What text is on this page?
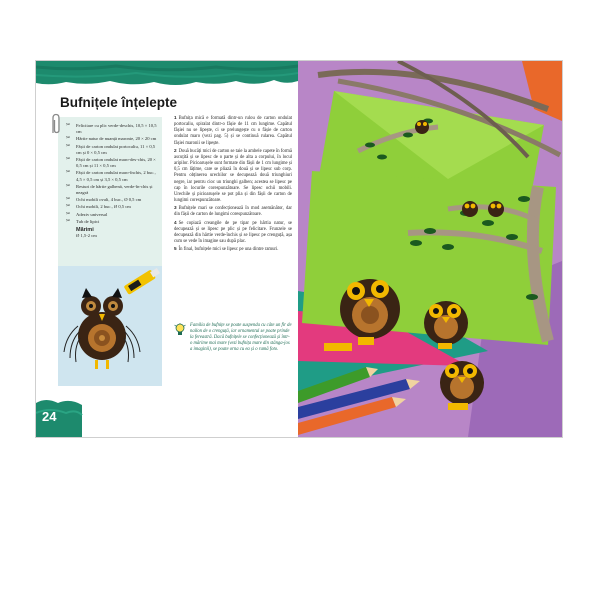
Bufnițele înțelepte
✂ Felicitare cu plic verde-deschis, 10,5 × 10,5 cm
✂ Hârtie natur de nuanță maronie, 20 × 20 cm
✂ Fâșii de carton ondulat portocaliu, 11 × 0,5 cm și 0 × 0,5 cm
✂ Fâșii de carton ondulat maro-des-chis, 20 × 0,5 cm și 11 × 0,5 cm
✂ Fâșii de carton ondulat maro-închis, 2 buc., 4,5 × 0,5 cm și 3,5 × 0,5 cm
✂ Resturi de hârtie galbenă, verde-în-chis și neagră
✂ Ochi mobili ovali, 4 buc., Ø 0,5 cm
✂ Ochi mobili, 2 buc., Ø 0,5 cm
✂ Adeziv universal
✂ Tub de lipici
Mărimi
Ø 1,5-2 cm
1 Bufnița mică e formată dintr-un rulou de carton ondulat portocaliu, spiralat dintr-o fâșie de 11 cm lungime. Capătul fâșiei nu se lipește, ci se prelungește cu o fâșie de carton ondulat maro (vezi pag. 5) și se continuă rularea. Capătul fâșiei maronii se lipește.
2 Două bucăți mici de carton se taie la ambele capete în formă ascuțită și se lipesc de o parte și de alta a corpului, în locul aripilor. Picioarușele sunt formate din fâșii de 1 cm lungime și 0,5 cm lățime, care se pliază în două și se lipesc sub corp. Pentru obținerea urechilor se decupează două triunghiuri negre, iar pentru cioc un triunghi galben; acestea se lipesc pe cap în locurile corespunzătoare. Se lipesc ochii mobili. Urechile și picioarușele se pot plia și din fâșii de carton de lungimi corespunzătoare.
3 Bufnițele mari se confecționează în mod asemănător, dar din fâșii de carton de lungimi corespunzătoare.
4 Se copiază creangile de pe tipar pe hârtia natur, se decupează și se lipesc pe plic și pe felicitare. Frunzele se decupează din hârtie verde-închis și se lipesc pe crenguță, așa cum se vede în imagine sau după plac.
5 În final, bufnițele mici se lipesc pe una dintre ramuri.

Familia de bufnițe se poate suspenda cu câte un fir de nailon de o crenguță, iar ornamentul se poate prinde la fereastră. Dacă bufnițele se confecționează și într-o mărime mai mare (vezi bufnița mare din stânga-jos a imaginii), se poate orna cu ea și o ramă foto.

24
